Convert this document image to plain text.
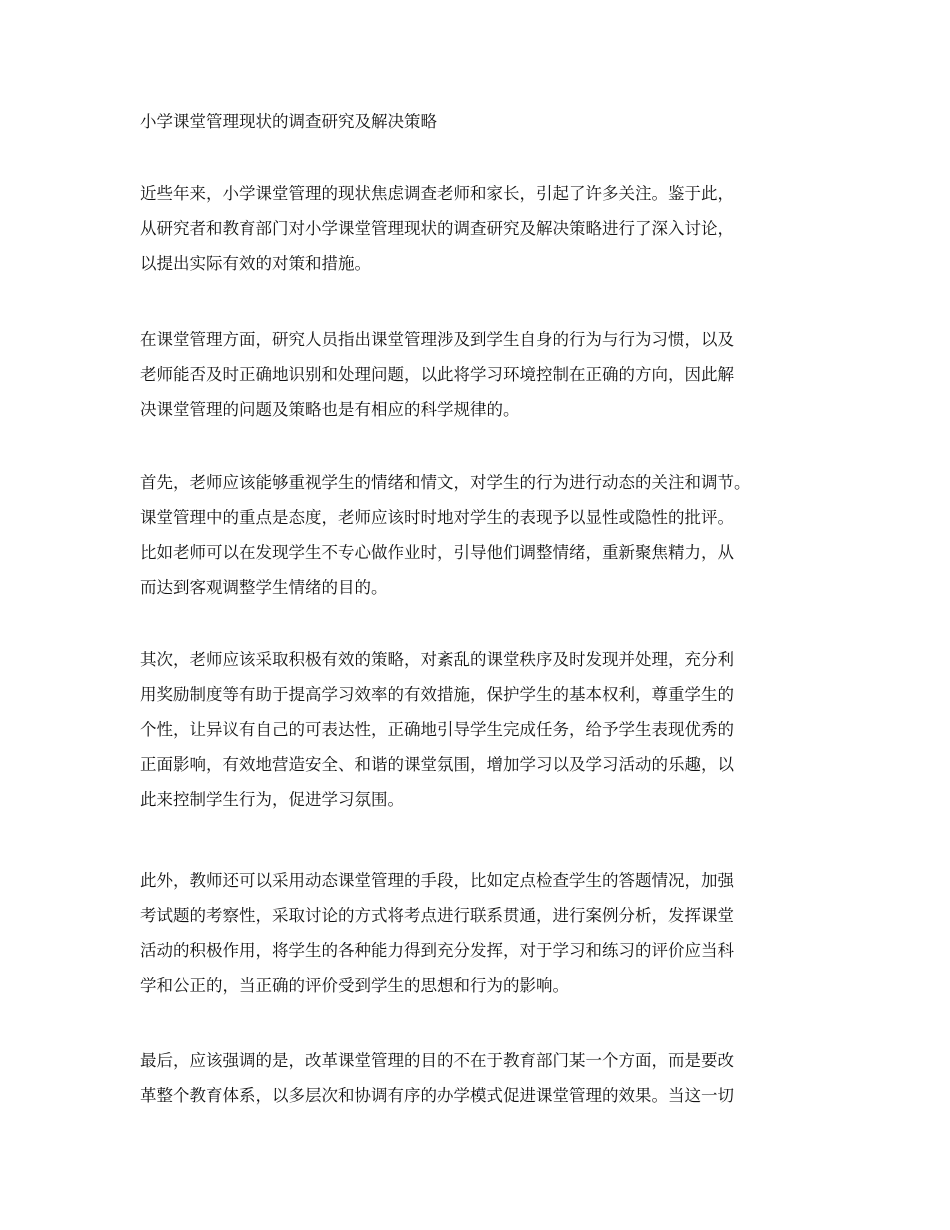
小学课堂管理现状的调查研究及解决策略

近些年来，小学课堂管理的现状焦虑调查老师和家长，引起了许多关注。鉴于此，
从研究者和教育部门对小学课堂管理现状的调查研究及解决策略进行了深入讨论，
以提出实际有效的对策和措施。

在课堂管理方面，研究人员指出课堂管理涉及到学生自身的行为与行为习惯，以及
老师能否及时正确地识别和处理问题，以此将学习环境控制在正确的方向，因此解
决课堂管理的问题及策略也是有相应的科学规律的。

首先，老师应该能够重视学生的情绪和情文，对学生的行为进行动态的关注和调节。
课堂管理中的重点是态度，老师应该时时地对学生的表现予以显性或隐性的批评。
比如老师可以在发现学生不专心做作业时，引导他们调整情绪，重新聚焦精力，从
而达到客观调整学生情绪的目的。

其次，老师应该采取积极有效的策略，对紊乱的课堂秩序及时发现并处理，充分利
用奖励制度等有助于提高学习效率的有效措施，保护学生的基本权利，尊重学生的
个性，让异议有自己的可表达性，正确地引导学生完成任务，给予学生表现优秀的
正面影响，有效地营造安全、和谐的课堂氛围，增加学习以及学习活动的乐趣，以
此来控制学生行为，促进学习氛围。

此外，教师还可以采用动态课堂管理的手段，比如定点检查学生的答题情况，加强
考试题的考察性，采取讨论的方式将考点进行联系贯通，进行案例分析，发挥课堂
活动的积极作用，将学生的各种能力得到充分发挥，对于学习和练习的评价应当科
学和公正的，当正确的评价受到学生的思想和行为的影响。

最后，应该强调的是，改革课堂管理的目的不在于教育部门某一个方面，而是要改
革整个教育体系，以多层次和协调有序的办学模式促进课堂管理的效果。当这一切
